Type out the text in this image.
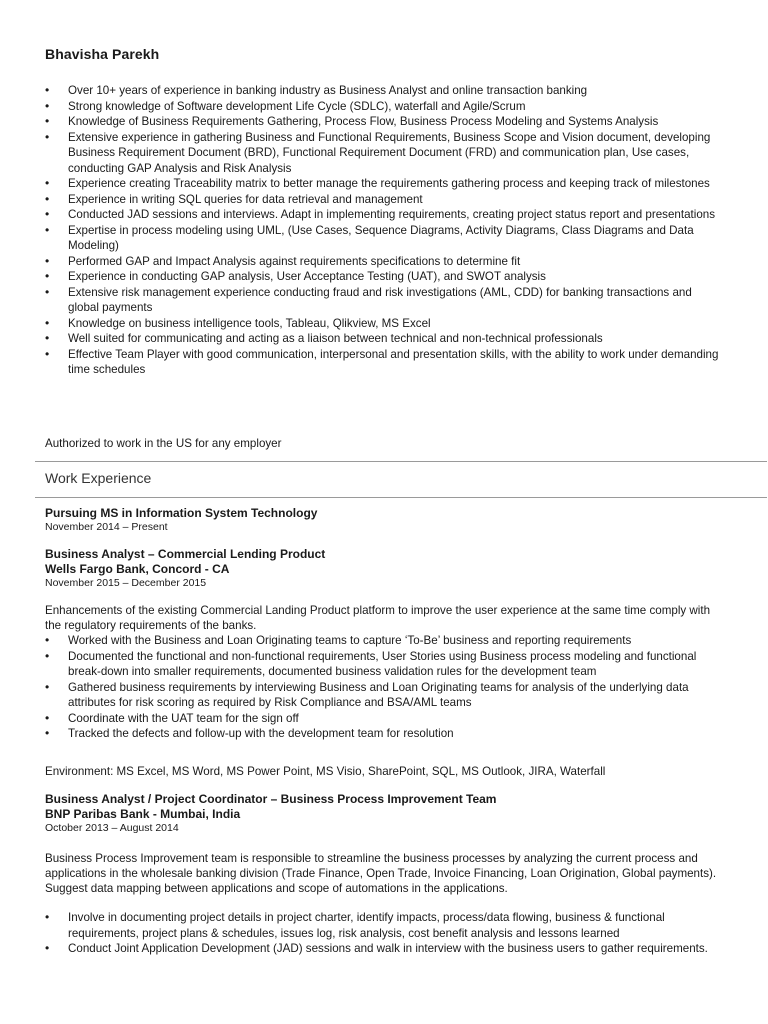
Bhavisha Parekh
• Over 10+ years of experience in banking industry as Business Analyst and online transaction banking
• Strong knowledge of Software development Life Cycle (SDLC), waterfall and Agile/Scrum
• Knowledge of Business Requirements Gathering, Process Flow, Business Process Modeling and Systems Analysis
• Extensive experience in gathering Business and Functional Requirements, Business Scope and Vision document, developing Business Requirement Document (BRD), Functional Requirement Document (FRD) and communication plan, Use cases, conducting GAP Analysis and Risk Analysis
• Experience creating Traceability matrix to better manage the requirements gathering process and keeping track of milestones
• Experience in writing SQL queries for data retrieval and management
• Conducted JAD sessions and interviews. Adapt in implementing requirements, creating project status report and presentations
• Expertise in process modeling using UML, (Use Cases, Sequence Diagrams, Activity Diagrams, Class Diagrams and Data Modeling)
• Performed GAP and Impact Analysis against requirements specifications to determine fit
• Experience in conducting GAP analysis, User Acceptance Testing (UAT), and SWOT analysis
• Extensive risk management experience conducting fraud and risk investigations (AML, CDD) for banking transactions and global payments
• Knowledge on business intelligence tools, Tableau, Qlikview, MS Excel
• Well suited for communicating and acting as a liaison between technical and non-technical professionals
• Effective Team Player with good communication, interpersonal and presentation skills, with the ability to work under demanding time schedules

Authorized to work in the US for any employer

Work Experience

Pursuing MS in Information System Technology

November 2014 – Present

Business Analyst – Commercial Lending Product

Wells Fargo Bank, Concord - CA

November 2015 – December 2015

Enhancements of the existing Commercial Landing Product platform to improve the user experience at the same time comply with the regulatory requirements of the banks.

• Worked with the Business and Loan Originating teams to capture ‘To-Be’ business and reporting requirements
• Documented the functional and non-functional requirements, User Stories using Business process modeling and functional break-down into smaller requirements, documented business validation rules for the development team
• Gathered business requirements by interviewing Business and Loan Originating teams for analysis of the underlying data attributes for risk scoring as required by Risk Compliance and BSA/AML teams
• Coordinate with the UAT team for the sign off
• Tracked the defects and follow-up with the development team for resolution

Environment: MS Excel, MS Word, MS Power Point, MS Visio, SharePoint, SQL, MS Outlook, JIRA, Waterfall

Business Analyst / Project Coordinator – Business Process Improvement Team

BNP Paribas Bank - Mumbai, India

October 2013 – August 2014

Business Process Improvement team is responsible to streamline the business processes by analyzing the current process and applications in the wholesale banking division (Trade Finance, Open Trade, Invoice Financing, Loan Origination, Global payments). Suggest data mapping between applications and scope of automations in the applications.

• Involve in documenting project details in project charter, identify impacts, process/data flowing, business & functional requirements, project plans & schedules, issues log, risk analysis, cost benefit analysis and lessons learned
• Conduct Joint Application Development (JAD) sessions and walk in interview with the business users to gather requirements.
